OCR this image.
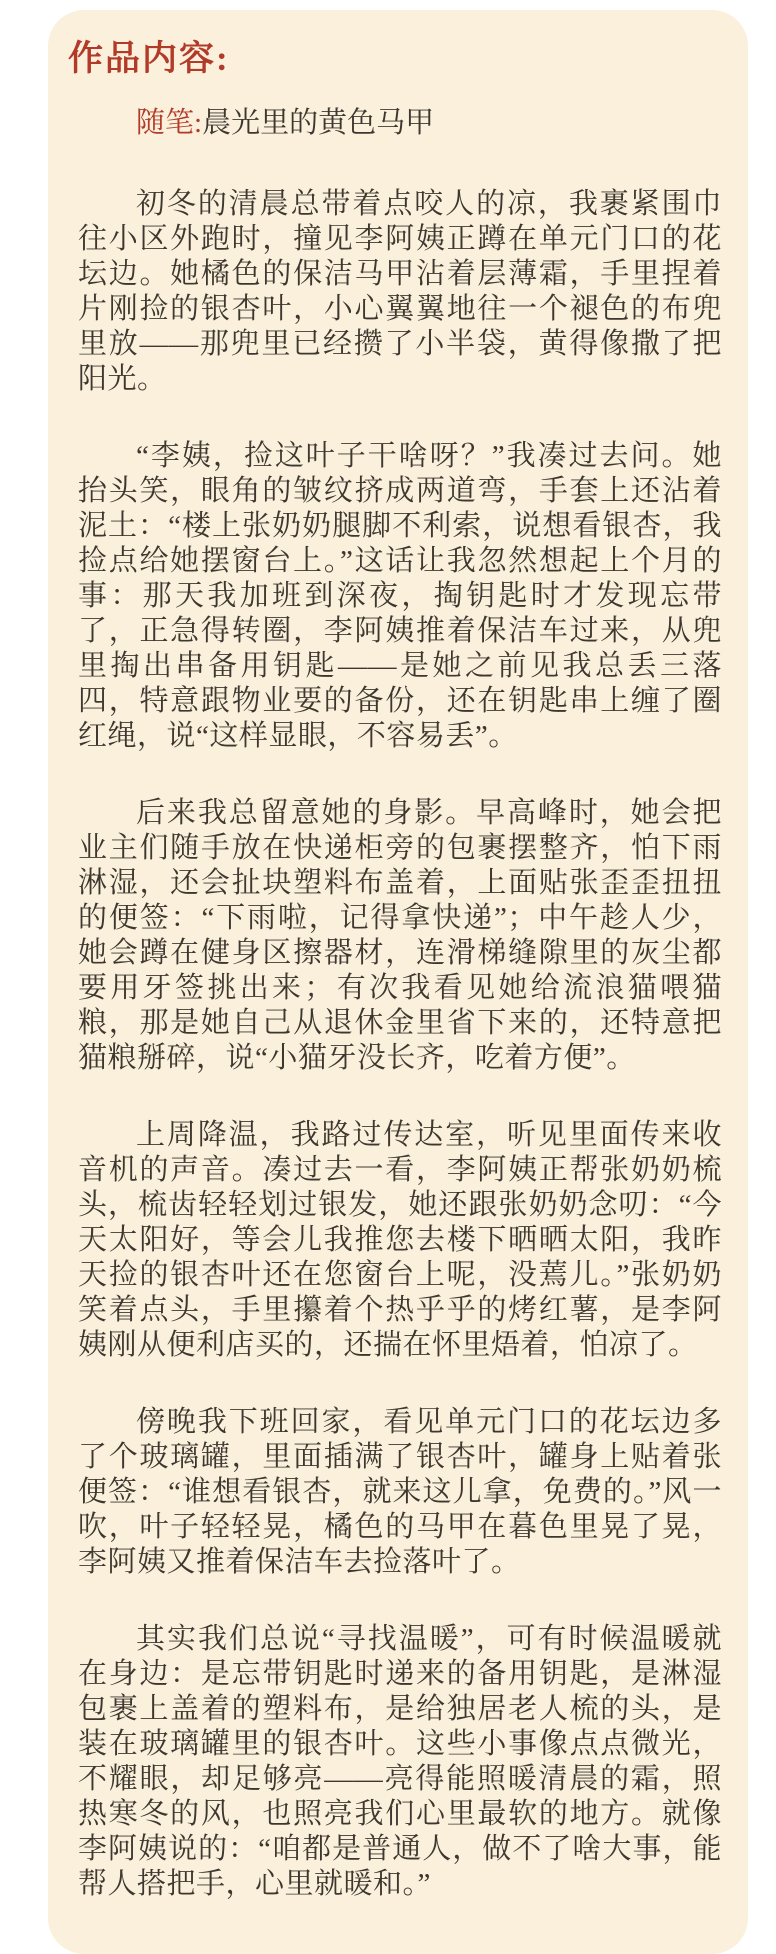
作品内容:
随笔:晨光里的黄色马甲

初冬的清晨总带着点咬人的凉，我裹紧围巾往小区外跑时，撞见李阿姨正蹲在单元门口的花坛边。她橘色的保洁马甲沾着层薄霜，手里捏着片刚捡的银杏叶，小心翼翼地往一个褪色的布兜里放——那兜里已经攒了小半袋，黄得像撒了把阳光。

“李姨，捡这叶子干啥呀？”我凑过去问。她抬头笑，眼角的皱纹挤成两道弯，手套上还沾着泥土：“楼上张奶奶腿脚不利索，说想看银杏，我捡点给她摆窗台上。”这话让我忽然想起上个月的事：那天我加班到深夜，掏钥匙时才发现忘带了，正急得转圈，李阿姨推着保洁车过来，从兜里掏出串备用钥匙——是她之前见我总丢三落四，特意跟物业要的备份，还在钥匙串上缠了圈红绳，说“这样显眼，不容易丢”。

后来我总留意她的身影。早高峰时，她会把业主们随手放在快递柜旁的包裹摆整齐，怕下雨淋湿，还会扯块塑料布盖着，上面贴张歪歪扭扭的便签：“下雨啦，记得拿快递”；中午趁人少，她会蹲在健身区擦器材，连滑梯缝隙里的灰尘都要用牙签挑出来；有次我看见她给流浪猫喂猫粮，那是她自己从退休金里省下来的，还特意把猫粮掰碎，说“小猫牙没长齐，吃着方便”。

上周降温，我路过传达室，听见里面传来收音机的声音。凑过去一看，李阿姨正帮张奶奶梳头，梳齿轻轻划过银发，她还跟张奶奶念叨：“今天太阳好，等会儿我推您去楼下晒晒太阳，我昨天捡的银杏叶还在您窗台上呢，没蔫儿。”张奶奶笑着点头，手里攥着个热乎乎的烤红薯，是李阿姨刚从便利店买的，还揣在怀里焐着，怕凉了。

傍晚我下班回家，看见单元门口的花坛边多了个玻璃罐，里面插满了银杏叶，罐身上贴着张便签：“谁想看银杏，就来这儿拿，免费的。”风一吹，叶子轻轻晃，橘色的马甲在暮色里晃了晃，李阿姨又推着保洁车去捡落叶了。

其实我们总说“寻找温暖”，可有时候温暖就在身边：是忘带钥匙时递来的备用钥匙，是淋湿包裹上盖着的塑料布，是给独居老人梳的头，是装在玻璃罐里的银杏叶。这些小事像点点微光，不耀眼，却足够亮——亮得能照暖清晨的霜，照热寒冬的风，也照亮我们心里最软的地方。就像李阿姨说的：“咱都是普通人，做不了啥大事，能帮人搭把手，心里就暖和。”
